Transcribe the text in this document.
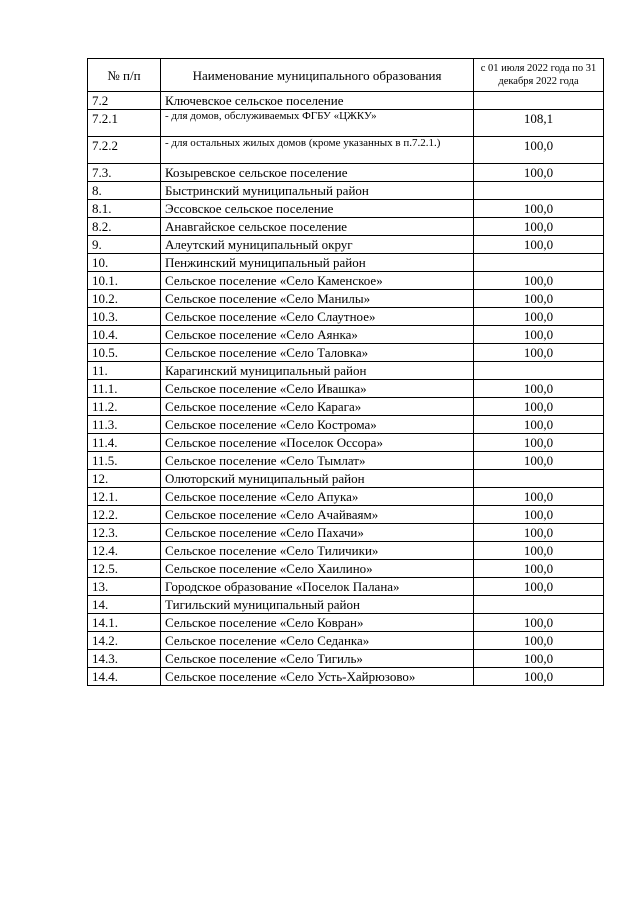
№ п/п	Наименование муниципального образования	с 01 июля 2022 года по 31 декабря 2022 года
7.2	Ключевское сельское поселение	
7.2.1	- для домов, обслуживаемых ФГБУ «ЦЖКУ»	108,1
7.2.2	- для остальных жилых домов (кроме указанных в п.7.2.1.)	100,0
7.3.	Козыревское сельское поселение	100,0
8.	Быстринский муниципальный район	
8.1.	Эссовское сельское поселение	100,0
8.2.	Анавгайское сельское поселение	100,0
9.	Алеутский муниципальный округ	100,0
10.	Пенжинский муниципальный район	
10.1.	Сельское поселение «Село Каменское»	100,0
10.2.	Сельское поселение «Село Манилы»	100,0
10.3.	Сельское поселение «Село Слаутное»	100,0
10.4.	Сельское поселение «Село Аянка»	100,0
10.5.	Сельское поселение «Село Таловка»	100,0
11.	Карагинский муниципальный район	
11.1.	Сельское поселение «Село Ивашка»	100,0
11.2.	Сельское поселение «Село Карага»	100,0
11.3.	Сельское поселение «Село Кострома»	100,0
11.4.	Сельское поселение «Поселок Оссора»	100,0
11.5.	Сельское поселение «Село Тымлат»	100,0
12.	Олюторский муниципальный район	
12.1.	Сельское поселение «Село Апука»	100,0
12.2.	Сельское поселение «Село Ачайваям»	100,0
12.3.	Сельское поселение «Село Пахачи»	100,0
12.4.	Сельское поселение «Село Тиличики»	100,0
12.5.	Сельское поселение «Село Хаилино»	100,0
13.	Городское образование «Поселок Палана»	100,0
14.	Тигильский муниципальный район	
14.1.	Сельское поселение «Село Ковран»	100,0
14.2.	Сельское поселение «Село Седанка»	100,0
14.3.	Сельское поселение «Село Тигиль»	100,0
14.4.	Сельское поселение «Село Усть-Хайрюзово»	100,0
